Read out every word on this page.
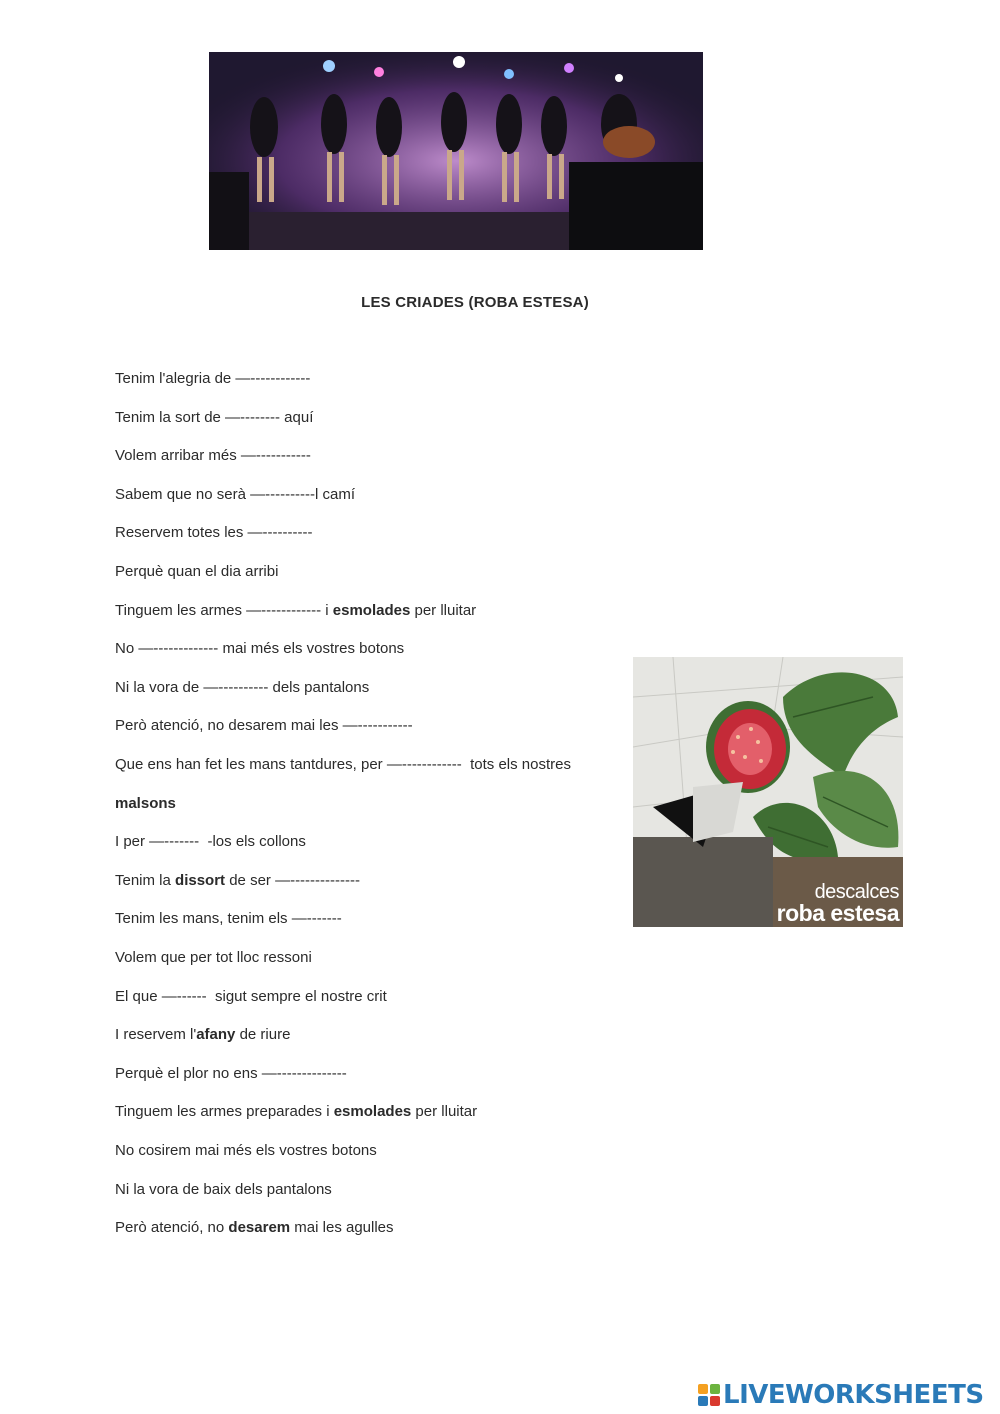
LES CRIADES (ROBA ESTESA)
Tenim l'alegria de —------------
Tenim la sort de —-------- aquí
Volem arribar més —-----------
Sabem que no serà —----------l camí
Reservem totes les —----------
Perquè quan el dia arribi
Tinguem les armes —------------ i esmolades per lluitar
No —------------- mai més els vostres botons
Ni la vora de —---------- dels pantalons
Però atenció, no desarem mai les —-----------
Que ens han fet les mans tantdures, per —------------  tots els nostres
malsons
I per —-------  -los els collons
Tenim la dissort de ser —--------------
Tenim les mans, tenim els —-------
Volem que per tot lloc ressoni
El que —------  sigut sempre el nostre crit
I reservem l'afany de riure
Perquè el plor no ens —--------------
Tinguem les armes preparades i esmolades per lluitar
No cosirem mai més els vostres botons
Ni la vora de baix dels pantalons
Però atenció, no desarem mai les agulles
descalces
roba estesa
LIVEWORKSHEETS
